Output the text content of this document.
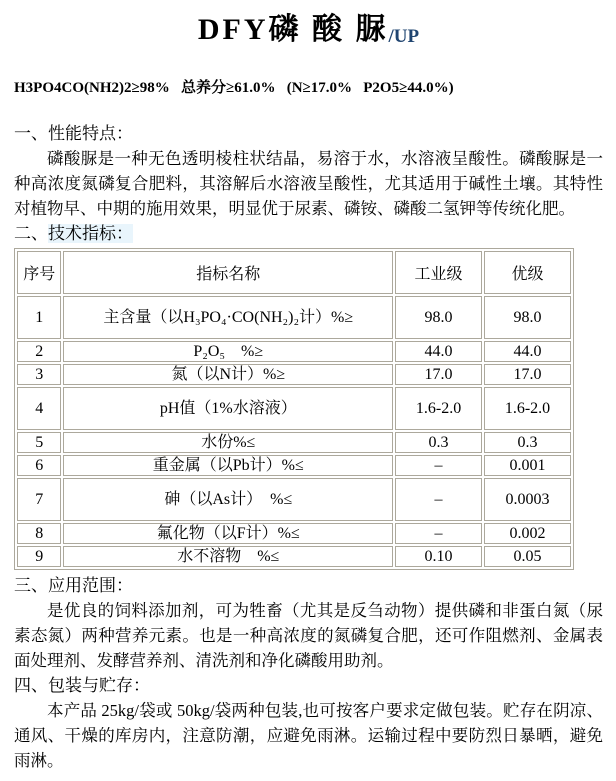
DFY磷 酸 脲/UP
H3PO4CO(NH2)2≥98%   总养分≥61.0%   (N≥17.0%   P2O5≥44.0%)
一、性能特点：

磷酸脲是一种无色透明棱柱状结晶，易溶于水，水溶液呈酸性。磷酸脲是一种高浓度氮磷复合肥料，其溶解后水溶液呈酸性，尤其适用于碱性土壤。其特性对植物早、中期的施用效果，明显优于尿素、磷铵、磷酸二氢钾等传统化肥。

二、技术指标：
序号	指标名称	工业级	优级
1	主含量（以H₃PO₄·CO(NH₂)₂计）%≥	98.0	98.0
2	P₂O₅　%≥	44.0	44.0
3	氮（以N计）%≥	17.0	17.0
4	pH值（1%水溶液）	1.6-2.0	1.6-2.0
5	水份%≤	0.3	0.3
6	重金属（以Pb计）%≤	–	0.001
7	砷（以As计）　%≤	–	0.0003
8	氟化物（以F计）%≤	–	0.002
9	水不溶物　%≤	0.10	0.05
三、应用范围：

是优良的饲料添加剂，可为牲畜（尤其是反刍动物）提供磷和非蛋白氮（尿素态氮）两种营养元素。也是一种高浓度的氮磷复合肥，还可作阻燃剂、金属表面处理剂、发酵营养剂、清洗剂和净化磷酸用助剂。

四、包装与贮存：

本产品 25kg/袋或 50kg/袋两种包装,也可按客户要求定做包装。贮存在阴凉、通风、干燥的库房内，注意防潮，应避免雨淋。运输过程中要防烈日暴晒，避免雨淋。
